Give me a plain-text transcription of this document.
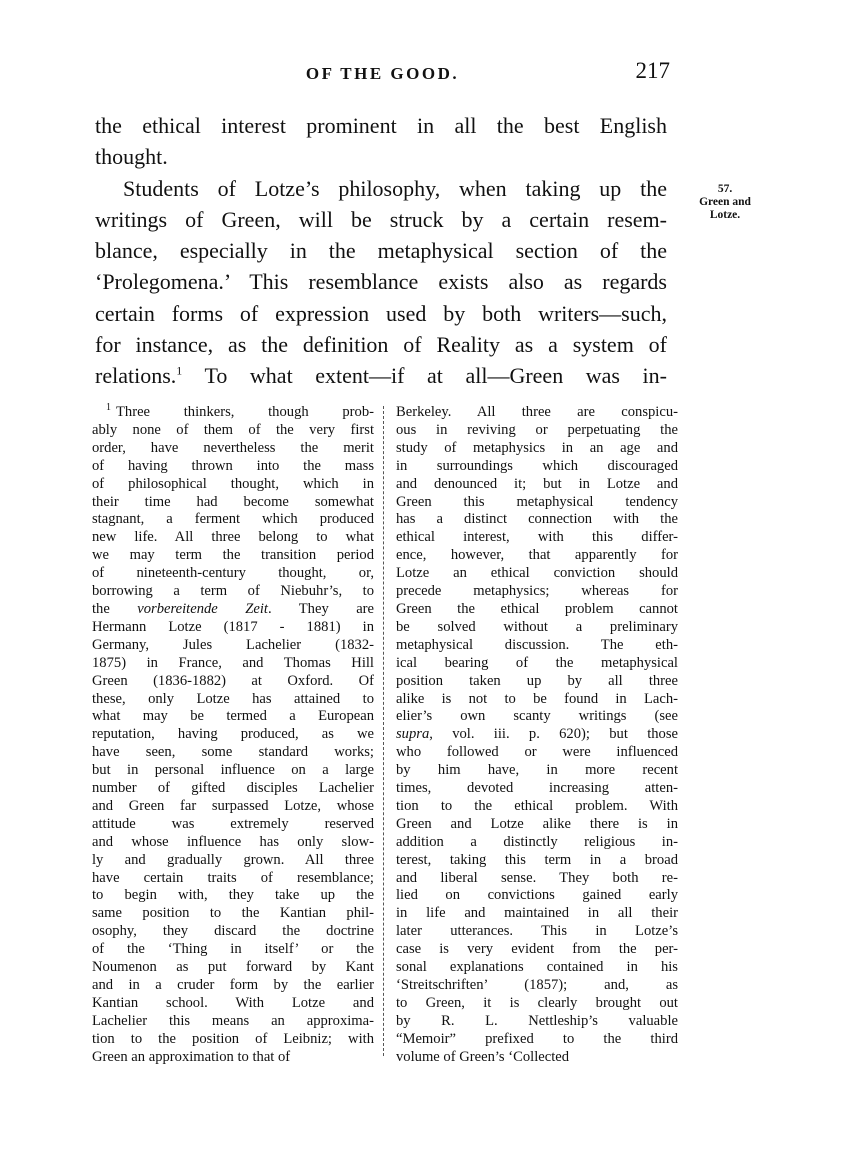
OF THE GOOD.	217
57.
Green and
Lotze.

the ethical interest prominent in all the best English
thought.

Students of Lotze’s philosophy, when taking up the
writings of Green, will be struck by a certain resem-
blance, especially in the metaphysical section of the
‘Prolegomena.’ This resemblance exists also as regards
certain forms of expression used by both writers—such,
for instance, as the definition of Reality as a system of
relations.$^1$ To what extent—if at all—Green was in-

$^1$ Three thinkers, though prob-
ably none of them of the very first
order, have nevertheless the merit
of having thrown into the mass
of philosophical thought, which in
their time had become somewhat
stagnant, a ferment which produced
new life. All three belong to what
we may term the transition period
of nineteenth-century thought, or,
borrowing a term of Niebuhr’s, to
the vorbereitende Zeit. They are
Hermann Lotze (1817 - 1881) in
Germany, Jules Lachelier (1832-
1875) in France, and Thomas Hill
Green (1836-1882) at Oxford. Of
these, only Lotze has attained to
what may be termed a European
reputation, having produced, as we
have seen, some standard works;
but in personal influence on a large
number of gifted disciples Lachelier
and Green far surpassed Lotze, whose
attitude was extremely reserved
and whose influence has only slow-
ly and gradually grown. All three
have certain traits of resemblance;
to begin with, they take up the
same position to the Kantian phil-
osophy, they discard the doctrine
of the ‘Thing in itself’ or the
Noumenon as put forward by Kant
and in a cruder form by the earlier
Kantian school. With Lotze and
Lachelier this means an approxima-
tion to the position of Leibniz; with
Green an approximation to that of
Berkeley. All three are conspicu-
ous in reviving or perpetuating the
study of metaphysics in an age and
in surroundings which discouraged
and denounced it; but in Lotze and
Green this metaphysical tendency
has a distinct connection with the
ethical interest, with this differ-
ence, however, that apparently for
Lotze an ethical conviction should
precede metaphysics; whereas for
Green the ethical problem cannot
be solved without a preliminary
metaphysical discussion. The eth-
ical bearing of the metaphysical
position taken up by all three
alike is not to be found in Lach-
elier’s own scanty writings (see
supra, vol. iii. p. 620); but those
who followed or were influenced
by him have, in more recent
times, devoted increasing atten-
tion to the ethical problem. With
Green and Lotze alike there is in
addition a distinctly religious in-
terest, taking this term in a broad
and liberal sense. They both re-
lied on convictions gained early
in life and maintained in all their
later utterances. This in Lotze’s
case is very evident from the per-
sonal explanations contained in his
‘Streitschriften’ (1857); and, as
to Green, it is clearly brought out
by R. L. Nettleship’s valuable
“Memoir” prefixed to the third
volume of Green’s ‘Collected
